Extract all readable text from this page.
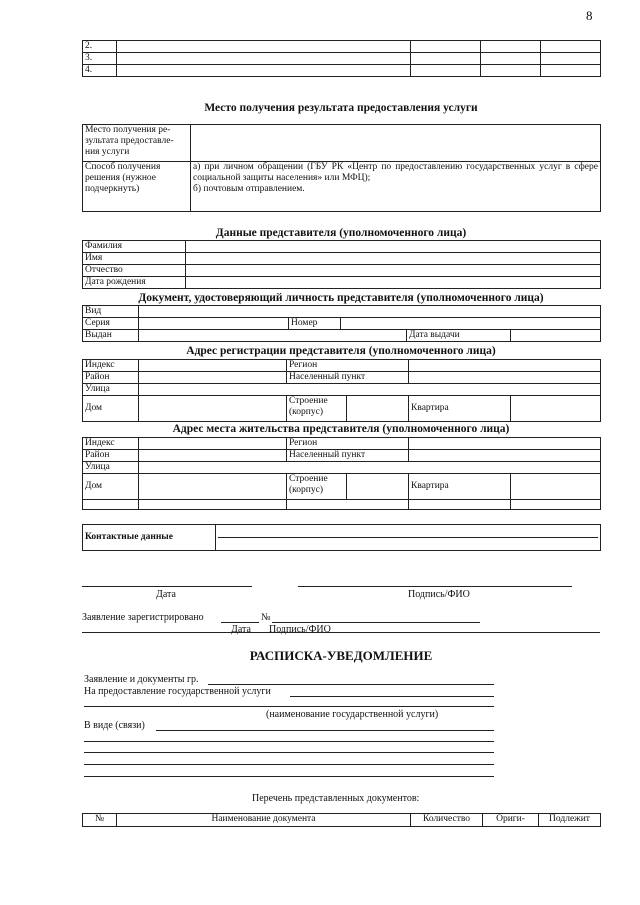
8
2.				
3.				
4.				
Место получения результата предоставления услуги
Место получения ре-зультата предоставле-ния услуги	
Способ получения решения (нужное подчеркнуть)	а) при личном обращении (ГБУ РК «Центр по предоставлению государственных услуг в сфере социальной защиты населения» или МФЦ);
б) почтовым отправлением.
Данные представителя (уполномоченного лица)
Фамилия	
Имя	
Отчество	
Дата рождения	
Документ, удостоверяющий личность представителя (уполномоченного лица)
Вид					
Серия		Номер			
Выдан				Дата выдачи	
Адрес регистрации представителя (уполномоченного лица)
Индекс		Регион			
Район		Населенный пункт			
Улица					
Дом		Строение (корпус)		Квартира	
Адрес места жительства представителя (уполномоченного лица)
Индекс		Регион			
Район		Населенный пункт			
Улица					
Дом		Строение (корпус)		Квартира	

Контактные данные	
Дата	Подпись/ФИО
Заявление зарегистрировано	№
Дата Подпись/ФИО
РАСПИСКА-УВЕДОМЛЕНИЕ
Заявление и документы гр.
На предоставление государственной услуги
(наименование государственной услуги)
В виде (связи)
Перечень представленных документов:
№	Наименование документа	Количество	Ориги-	Подлежит
